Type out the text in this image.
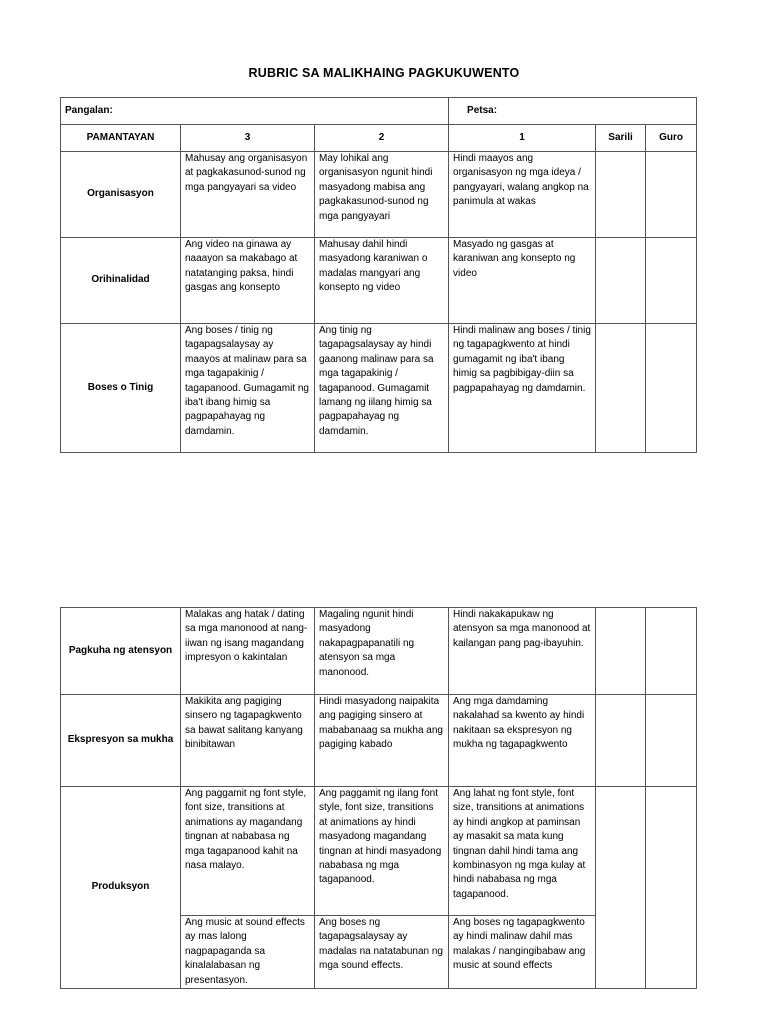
RUBRIC SA MALIKHAING PAGKUKUWENTO
Pangalan:			Petsa:		
PAMANTAYAN	3	2	1	Sarili	Guro
Organisasyon	Mahusay ang organisasyon at pagkakasunod-sunod ng mga pangyayari sa video	May lohikal ang organisasyon ngunit hindi masyadong mabisa ang pagkakasunod-sunod ng mga pangyayari	Hindi maayos ang organisasyon ng mga ideya / pangyayari, walang angkop na panimula at wakas		
Orihinalidad	Ang video na ginawa ay naaayon sa makabago at natatanging paksa, hindi gasgas ang konsepto	Mahusay dahil hindi masyadong karaniwan o madalas mangyari ang konsepto ng video	Masyado ng gasgas at karaniwan ang konsepto ng video		
Boses o Tinig	Ang boses / tinig ng tagapagsalaysay ay maayos at malinaw para sa mga tagapakinig / tagapanood. Gumagamit ng iba't ibang himig sa pagpapahayag ng damdamin.	Ang tinig ng tagapagsalaysay ay hindi gaanong malinaw para sa mga tagapakinig / tagapanood. Gumagamit lamang ng iilang himig sa pagpapahayag ng damdamin.	Hindi malinaw ang boses / tinig ng tagapagkwento at hindi gumagamit ng iba't ibang himig sa pagbibigay-diin sa pagpapahayag ng damdamin.		
Pagkuha ng atensyon	Malakas ang hatak / dating sa mga manonood at nang-iiwan ng isang magandang impresyon o kakintalan	Magaling ngunit hindi masyadong nakapagpapanatili ng atensyon sa mga manonood.	Hindi nakakapukaw ng atensyon sa mga manonood at kailangan pang pag-ibayuhin.		
Ekspresyon sa mukha	Makikita ang pagiging sinsero ng tagapagkwento sa bawat salitang kanyang binibitawan	Hindi masyadong naipakita ang pagiging sinsero at mababanaag sa mukha ang pagiging kabado	Ang mga damdaming nakalahad sa kwento ay hindi nakitaan sa ekspresyon ng mukha ng tagapagkwento		
Produksyon	Ang paggamit ng font style, font size, transitions at animations ay magandang tingnan at nababasa ng mga tagapanood kahit na nasa malayo.	Ang paggamit ng ilang font style, font size, transitions at animations ay hindi masyadong magandang tingnan at hindi masyadong nababasa ng mga tagapanood.	Ang lahat ng font style, font size, transitions at animations ay hindi angkop at paminsan ay masakit sa mata kung tingnan dahil hindi tama ang kombinasyon ng mga kulay at hindi nababasa ng mga tagapanood.		
	Ang music at sound effects ay mas lalong nagpapaganda sa kinalalabasan ng presentasyon.	Ang boses ng tagapagsalaysay ay madalas na natatabunan ng mga sound effects.	Ang boses ng tagapagkwento ay hindi malinaw dahil mas malakas / nangingibabaw ang music at sound effects		
